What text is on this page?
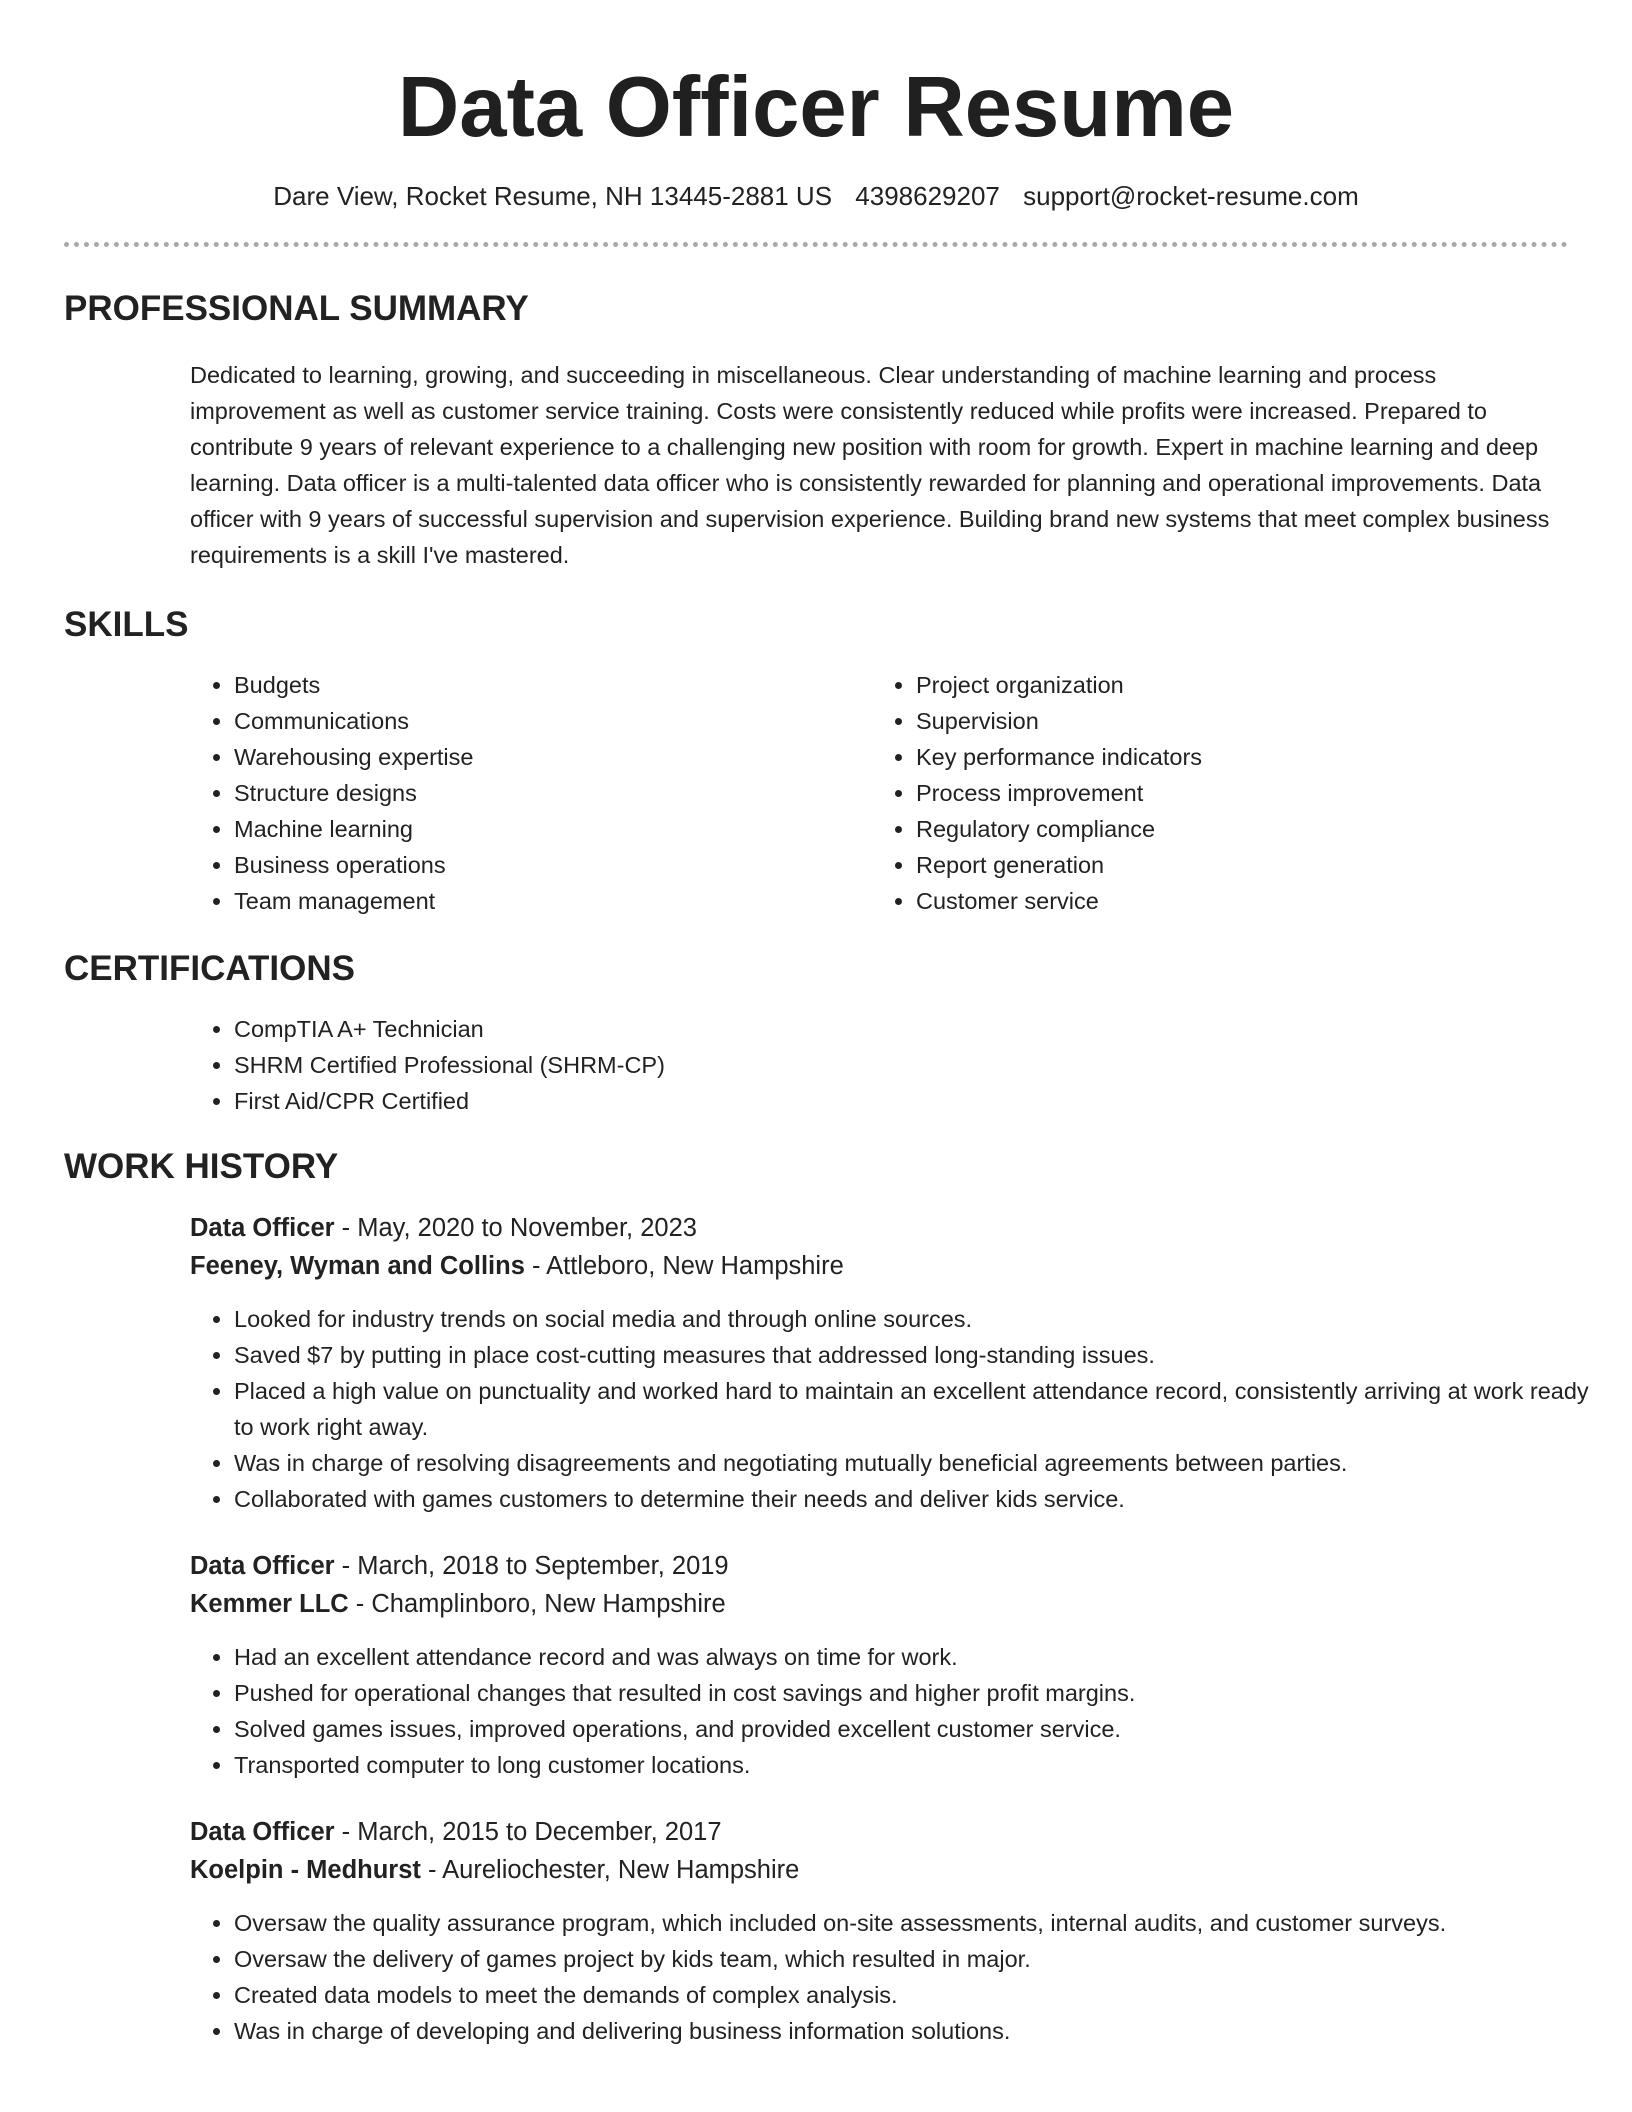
Data Officer Resume
Dare View, Rocket Resume, NH 13445-2881 US 4398629207 support@rocket-resume.com
PROFESSIONAL SUMMARY

Dedicated to learning, growing, and succeeding in miscellaneous. Clear understanding of machine learning and process improvement as well as customer service training. Costs were consistently reduced while profits were increased. Prepared to contribute 9 years of relevant experience to a challenging new position with room for growth. Expert in machine learning and deep learning. Data officer is a multi-talented data officer who is consistently rewarded for planning and operational improvements. Data officer with 9 years of successful supervision and supervision experience. Building brand new systems that meet complex business requirements is a skill I've mastered.

SKILLS
• Budgets
• Communications
• Warehousing expertise
• Structure designs
• Machine learning
• Business operations
• Team management
• Project organization
• Supervision
• Key performance indicators
• Process improvement
• Regulatory compliance
• Report generation
• Customer service
CERTIFICATIONS
• CompTIA A+ Technician
• SHRM Certified Professional (SHRM-CP)
• First Aid/CPR Certified
WORK HISTORY
Data Officer - May, 2020 to November, 2023
Feeney, Wyman and Collins - Attleboro, New Hampshire
• Looked for industry trends on social media and through online sources.
• Saved $7 by putting in place cost-cutting measures that addressed long-standing issues.
• Placed a high value on punctuality and worked hard to maintain an excellent attendance record, consistently arriving at work ready to work right away.
• Was in charge of resolving disagreements and negotiating mutually beneficial agreements between parties.
• Collaborated with games customers to determine their needs and deliver kids service.
Data Officer - March, 2018 to September, 2019
Kemmer LLC - Champlinboro, New Hampshire
• Had an excellent attendance record and was always on time for work.
• Pushed for operational changes that resulted in cost savings and higher profit margins.
• Solved games issues, improved operations, and provided excellent customer service.
• Transported computer to long customer locations.
Data Officer - March, 2015 to December, 2017
Koelpin - Medhurst - Aureliochester, New Hampshire
• Oversaw the quality assurance program, which included on-site assessments, internal audits, and customer surveys.
• Oversaw the delivery of games project by kids team, which resulted in major.
• Created data models to meet the demands of complex analysis.
• Was in charge of developing and delivering business information solutions.
